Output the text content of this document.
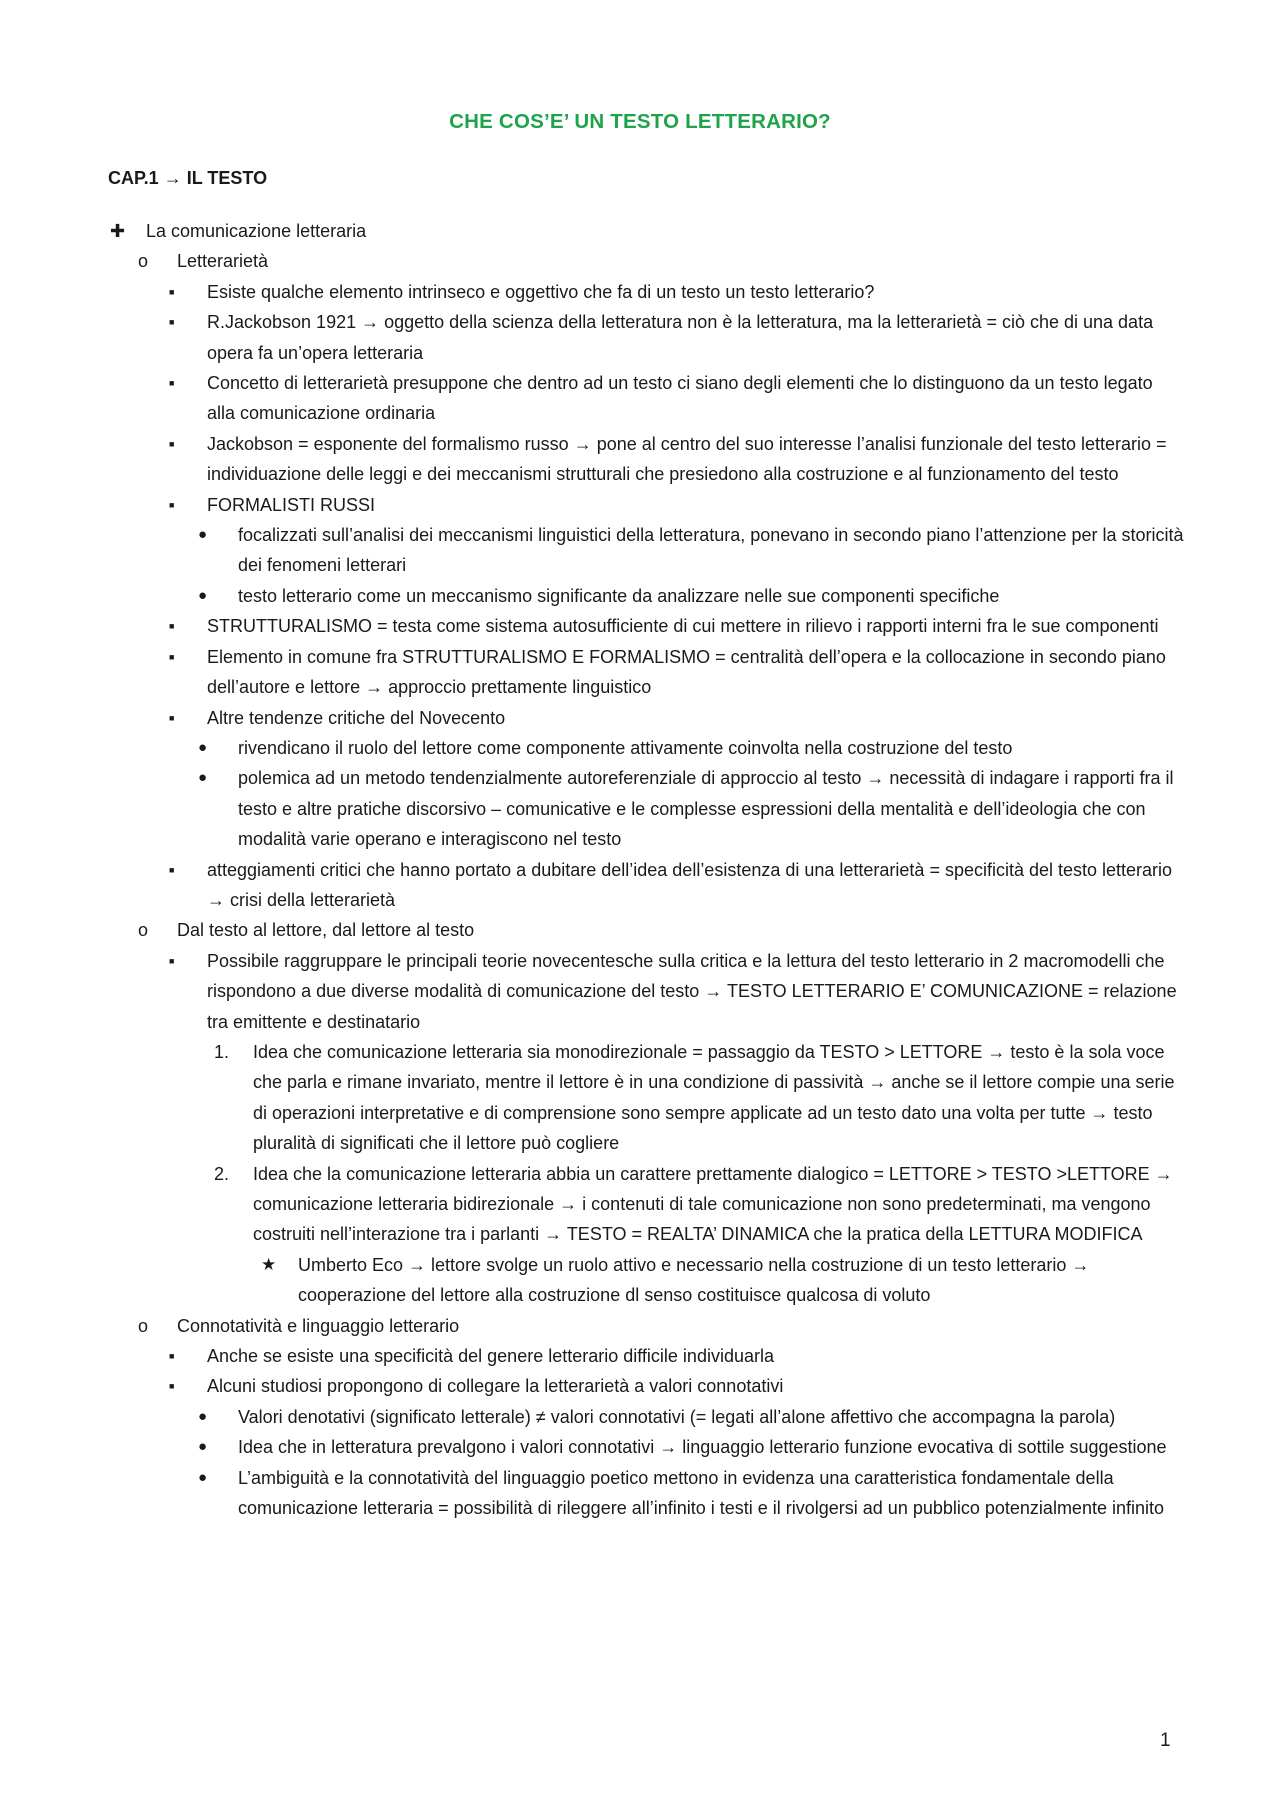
CHE COS’E’ UN TESTO LETTERARIO?
CAP.1 → IL TESTO
✚ La comunicazione letteraria
o Letterarietà
■ Esiste qualche elemento intrinseco e oggettivo che fa di un testo un testo letterario?
■ R.Jackobson 1921 → oggetto della scienza della letteratura non è la letteratura, ma la letterarietà = ciò che di una data opera fa un’opera letteraria
■ Concetto di letterarietà presuppone che dentro ad un testo ci siano degli elementi che lo distinguono da un testo legato alla comunicazione ordinaria
■ Jackobson = esponente del formalismo russo → pone al centro del suo interesse l’analisi funzionale del testo letterario = individuazione delle leggi e dei meccanismi strutturali che presiedono alla costruzione e al funzionamento del testo
■ FORMALISTI RUSSI
● focalizzati sull’analisi dei meccanismi linguistici della letteratura, ponevano in secondo piano l’attenzione per la storicità dei fenomeni letterari
● testo letterario come un meccanismo significante da analizzare nelle sue componenti specifiche
■ STRUTTURALISMO = testa come sistema autosufficiente di cui mettere in rilievo i rapporti interni fra le sue componenti
■ Elemento in comune fra STRUTTURALISMO E FORMALISMO = centralità dell’opera e la collocazione in secondo piano dell’autore e lettore → approccio prettamente linguistico
■ Altre tendenze critiche del Novecento
● rivendicano il ruolo del lettore come componente attivamente coinvolta nella costruzione del testo
● polemica ad un metodo tendenzialmente autoreferenziale di approccio al testo → necessità di indagare i rapporti fra il testo e altre pratiche discorsivo – comunicative e le complesse espressioni della mentalità e dell’ideologia che con modalità varie operano e interagiscono nel testo
■ atteggiamenti critici che hanno portato a dubitare dell’idea dell’esistenza di una letterarietà = specificità del testo letterario → crisi della letterarietà
o Dal testo al lettore, dal lettore al testo
■ Possibile raggruppare le principali teorie novecentesche sulla critica e la lettura del testo letterario in 2 macromodelli che rispondono a due diverse modalità di comunicazione del testo → TESTO LETTERARIO E’ COMUNICAZIONE = relazione tra emittente e destinatario
1. Idea che comunicazione letteraria sia monodirezionale = passaggio da TESTO > LETTORE → testo è la sola voce che parla e rimane invariato, mentre il lettore è in una condizione di passività → anche se il lettore compie una serie di operazioni interpretative e di comprensione sono sempre applicate ad un testo dato una volta per tutte → testo pluralità di significati che il lettore può cogliere
2. Idea che la comunicazione letteraria abbia un carattere prettamente dialogico = LETTORE > TESTO >LETTORE → comunicazione letteraria bidirezionale → i contenuti di tale comunicazione non sono predeterminati, ma vengono costruiti nell’interazione tra i parlanti → TESTO = REALTA’ DINAMICA che la pratica della LETTURA MODIFICA
★ Umberto Eco → lettore svolge un ruolo attivo e necessario nella costruzione di un testo letterario → cooperazione del lettore alla costruzione dl senso costituisce qualcosa di voluto
o Connotatività e linguaggio letterario
■ Anche se esiste una specificità del genere letterario difficile individuarla
■ Alcuni studiosi propongono di collegare la letterarietà a valori connotativi
● Valori denotativi (significato letterale) ≠ valori connotativi (= legati all’alone affettivo che accompagna la parola)
● Idea che in letteratura prevalgono i valori connotativi → linguaggio letterario funzione evocativa di sottile suggestione
● L’ambiguità e la connotatività del linguaggio poetico mettono in evidenza una caratteristica fondamentale della comunicazione letteraria = possibilità di rileggere all’infinito i testi e il rivolgersi ad un pubblico potenzialmente infinito
1
